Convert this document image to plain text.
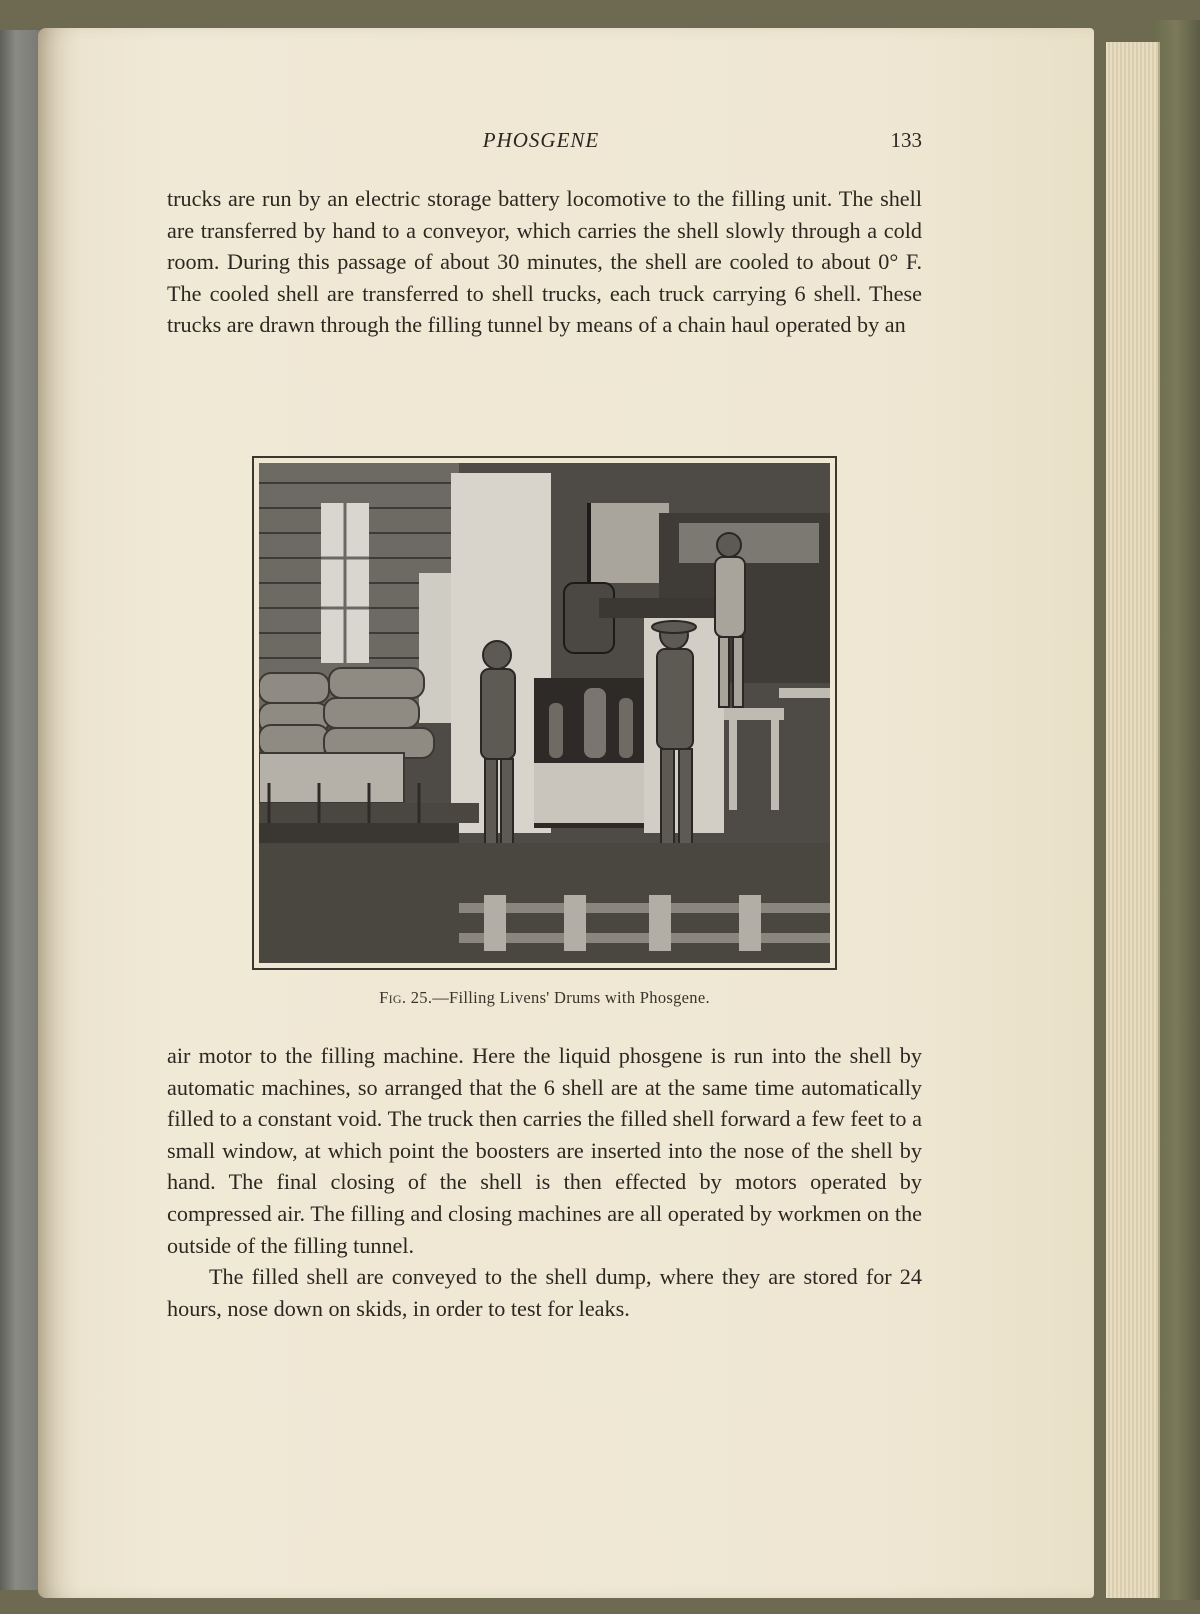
PHOSGENE	133

trucks are run by an electric storage battery locomotive to the filling unit. The shell are transferred by hand to a conveyor, which carries the shell slowly through a cold room. During this passage of about 30 minutes, the shell are cooled to about 0° F. The cooled shell are transferred to shell trucks, each truck carrying 6 shell. These trucks are drawn through the filling tunnel by means of a chain haul operated by an

Fig. 25.—Filling Livens' Drums with Phosgene.

air motor to the filling machine. Here the liquid phosgene is run into the shell by automatic machines, so arranged that the 6 shell are at the same time automatically filled to a constant void. The truck then carries the filled shell forward a few feet to a small window, at which point the boosters are inserted into the nose of the shell by hand. The final closing of the shell is then effected by motors operated by compressed air. The filling and closing machines are all operated by workmen on the outside of the filling tunnel.

The filled shell are conveyed to the shell dump, where they are stored for 24 hours, nose down on skids, in order to test for leaks.
